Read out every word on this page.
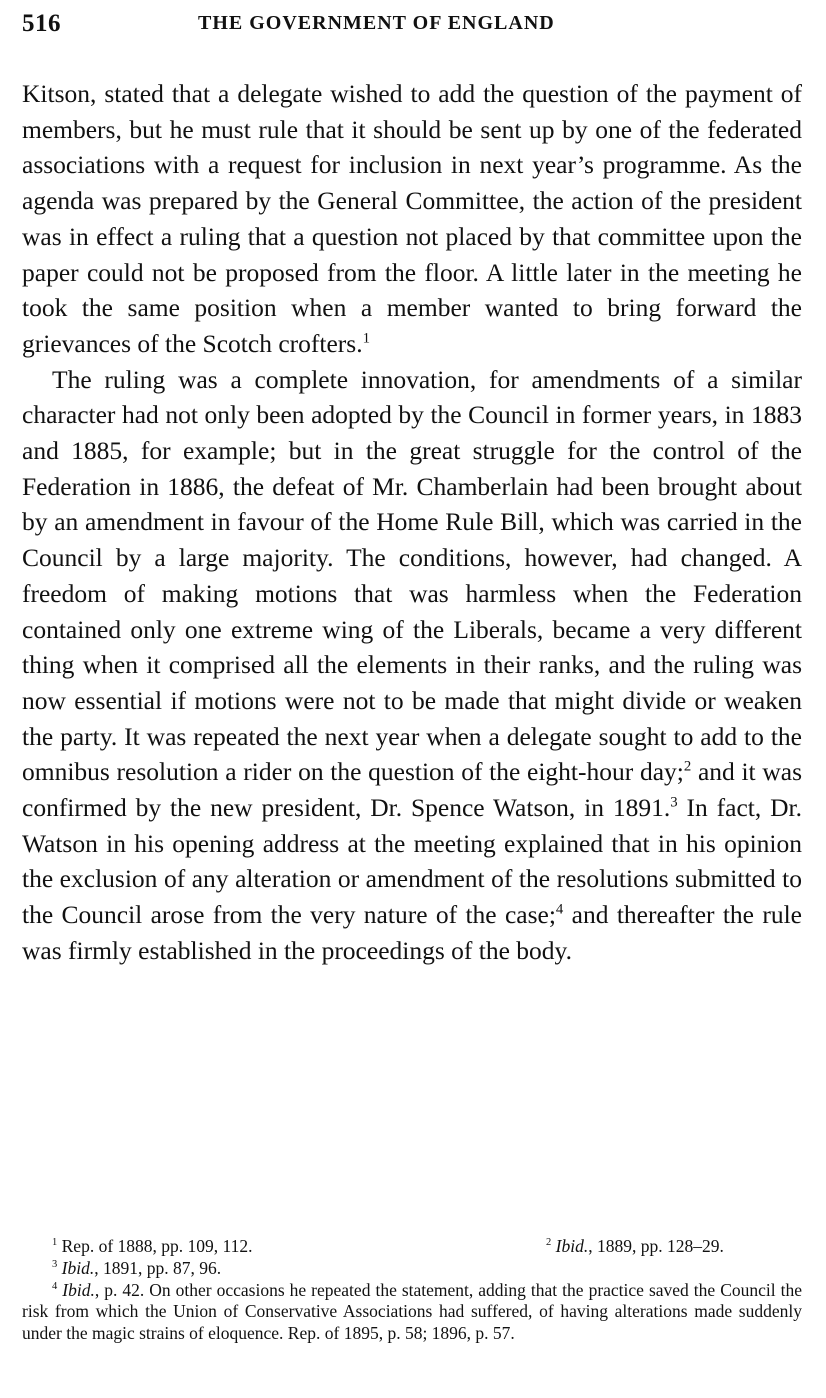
516	THE GOVERNMENT OF ENGLAND

Kitson, stated that a delegate wished to add the question of the payment of members, but he must rule that it should be sent up by one of the federated associations with a request for inclusion in next year’s programme. As the agenda was prepared by the General Committee, the action of the president was in effect a ruling that a question not placed by that committee upon the paper could not be proposed from the floor. A little later in the meeting he took the same position when a member wanted to bring forward the grievances of the Scotch crofters.$^1$

The ruling was a complete innovation, for amendments of a similar character had not only been adopted by the Council in former years, in 1883 and 1885, for example; but in the great struggle for the control of the Federation in 1886, the defeat of Mr. Chamberlain had been brought about by an amendment in favour of the Home Rule Bill, which was carried in the Council by a large majority. The conditions, however, had changed. A freedom of making motions that was harmless when the Federation contained only one extreme wing of the Liberals, became a very different thing when it comprised all the elements in their ranks, and the ruling was now essential if motions were not to be made that might divide or weaken the party. It was repeated the next year when a delegate sought to add to the omnibus resolution a rider on the question of the eight-hour day;$^2$ and it was confirmed by the new president, Dr. Spence Watson, in 1891.$^3$ In fact, Dr. Watson in his opening address at the meeting explained that in his opinion the exclusion of any alteration or amendment of the resolutions submitted to the Council arose from the very nature of the case;$^4$ and thereafter the rule was firmly established in the proceedings of the body.

$^1$ Rep. of 1888, pp. 109, 112.	$^2$ Ibid., 1889, pp. 128–29.
$^3$ Ibid., 1891, pp. 87, 96.

$^4$ Ibid., p. 42. On other occasions he repeated the statement, adding that the practice saved the Council the risk from which the Union of Conservative Associations had suffered, of having alterations made suddenly under the magic strains of eloquence. Rep. of 1895, p. 58; 1896, p. 57.
